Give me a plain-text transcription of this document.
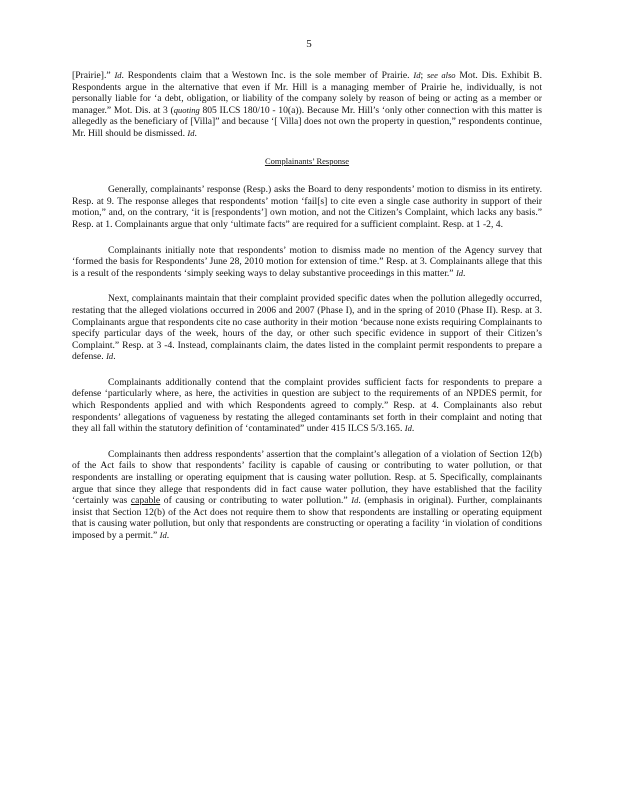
5

[Prairie].” Id. Respondents claim that a Westown Inc. is the sole member of Prairie. Id; see also Mot. Dis. Exhibit B. Respondents argue in the alternative that even if Mr. Hill is a managing member of Prairie he, individually, is not personally liable for ‘a debt, obligation, or liability of the company solely by reason of being or acting as a member or manager.” Mot. Dis. at 3 (quoting 805 ILCS 180/10 - 10(a)). Because Mr. Hill’s ‘only other connection with this matter is allegedly as the beneficiary of [Villa]” and because ‘[ Villa] does not own the property in question,” respondents continue, Mr. Hill should be dismissed. Id.

Complainants’ Response

Generally, complainants’ response (Resp.) asks the Board to deny respondents’ motion to dismiss in its entirety. Resp. at 9. The response alleges that respondents’ motion ‘fail[s] to cite even a single case authority in support of their motion,” and, on the contrary, ‘it is [respondents’] own motion, and not the Citizen’s Complaint, which lacks any basis.” Resp. at 1. Complainants argue that only ‘ultimate facts” are required for a sufficient complaint. Resp. at 1 -2, 4.

Complainants initially note that respondents’ motion to dismiss made no mention of the Agency survey that ‘formed the basis for Respondents’ June 28, 2010 motion for extension of time.” Resp. at 3. Complainants allege that this is a result of the respondents ‘simply seeking ways to delay substantive proceedings in this matter.” Id.

Next, complainants maintain that their complaint provided specific dates when the pollution allegedly occurred, restating that the alleged violations occurred in 2006 and 2007 (Phase I), and in the spring of 2010 (Phase II). Resp. at 3. Complainants argue that respondents cite no case authority in their motion ‘because none exists requiring Complainants to specify particular days of the week, hours of the day, or other such specific evidence in support of their Citizen’s Complaint.” Resp. at 3 -4. Instead, complainants claim, the dates listed in the complaint permit respondents to prepare a defense. Id.

Complainants additionally contend that the complaint provides sufficient facts for respondents to prepare a defense ‘particularly where, as here, the activities in question are subject to the requirements of an NPDES permit, for which Respondents applied and with which Respondents agreed to comply.” Resp. at 4. Complainants also rebut respondents’ allegations of vagueness by restating the alleged contaminants set forth in their complaint and noting that they all fall within the statutory definition of ‘contaminated” under 415 ILCS 5/3.165. Id.

Complainants then address respondents’ assertion that the complaint’s allegation of a violation of Section 12(b) of the Act fails to show that respondents’ facility is capable of causing or contributing to water pollution, or that respondents are installing or operating equipment that is causing water pollution. Resp. at 5. Specifically, complainants argue that since they allege that respondents did in fact cause water pollution, they have established that the facility ‘certainly was capable of causing or contributing to water pollution.” Id. (emphasis in original). Further, complainants insist that Section 12(b) of the Act does not require them to show that respondents are installing or operating equipment that is causing water pollution, but only that respondents are constructing or operating a facility ‘in violation of conditions imposed by a permit.” Id.
